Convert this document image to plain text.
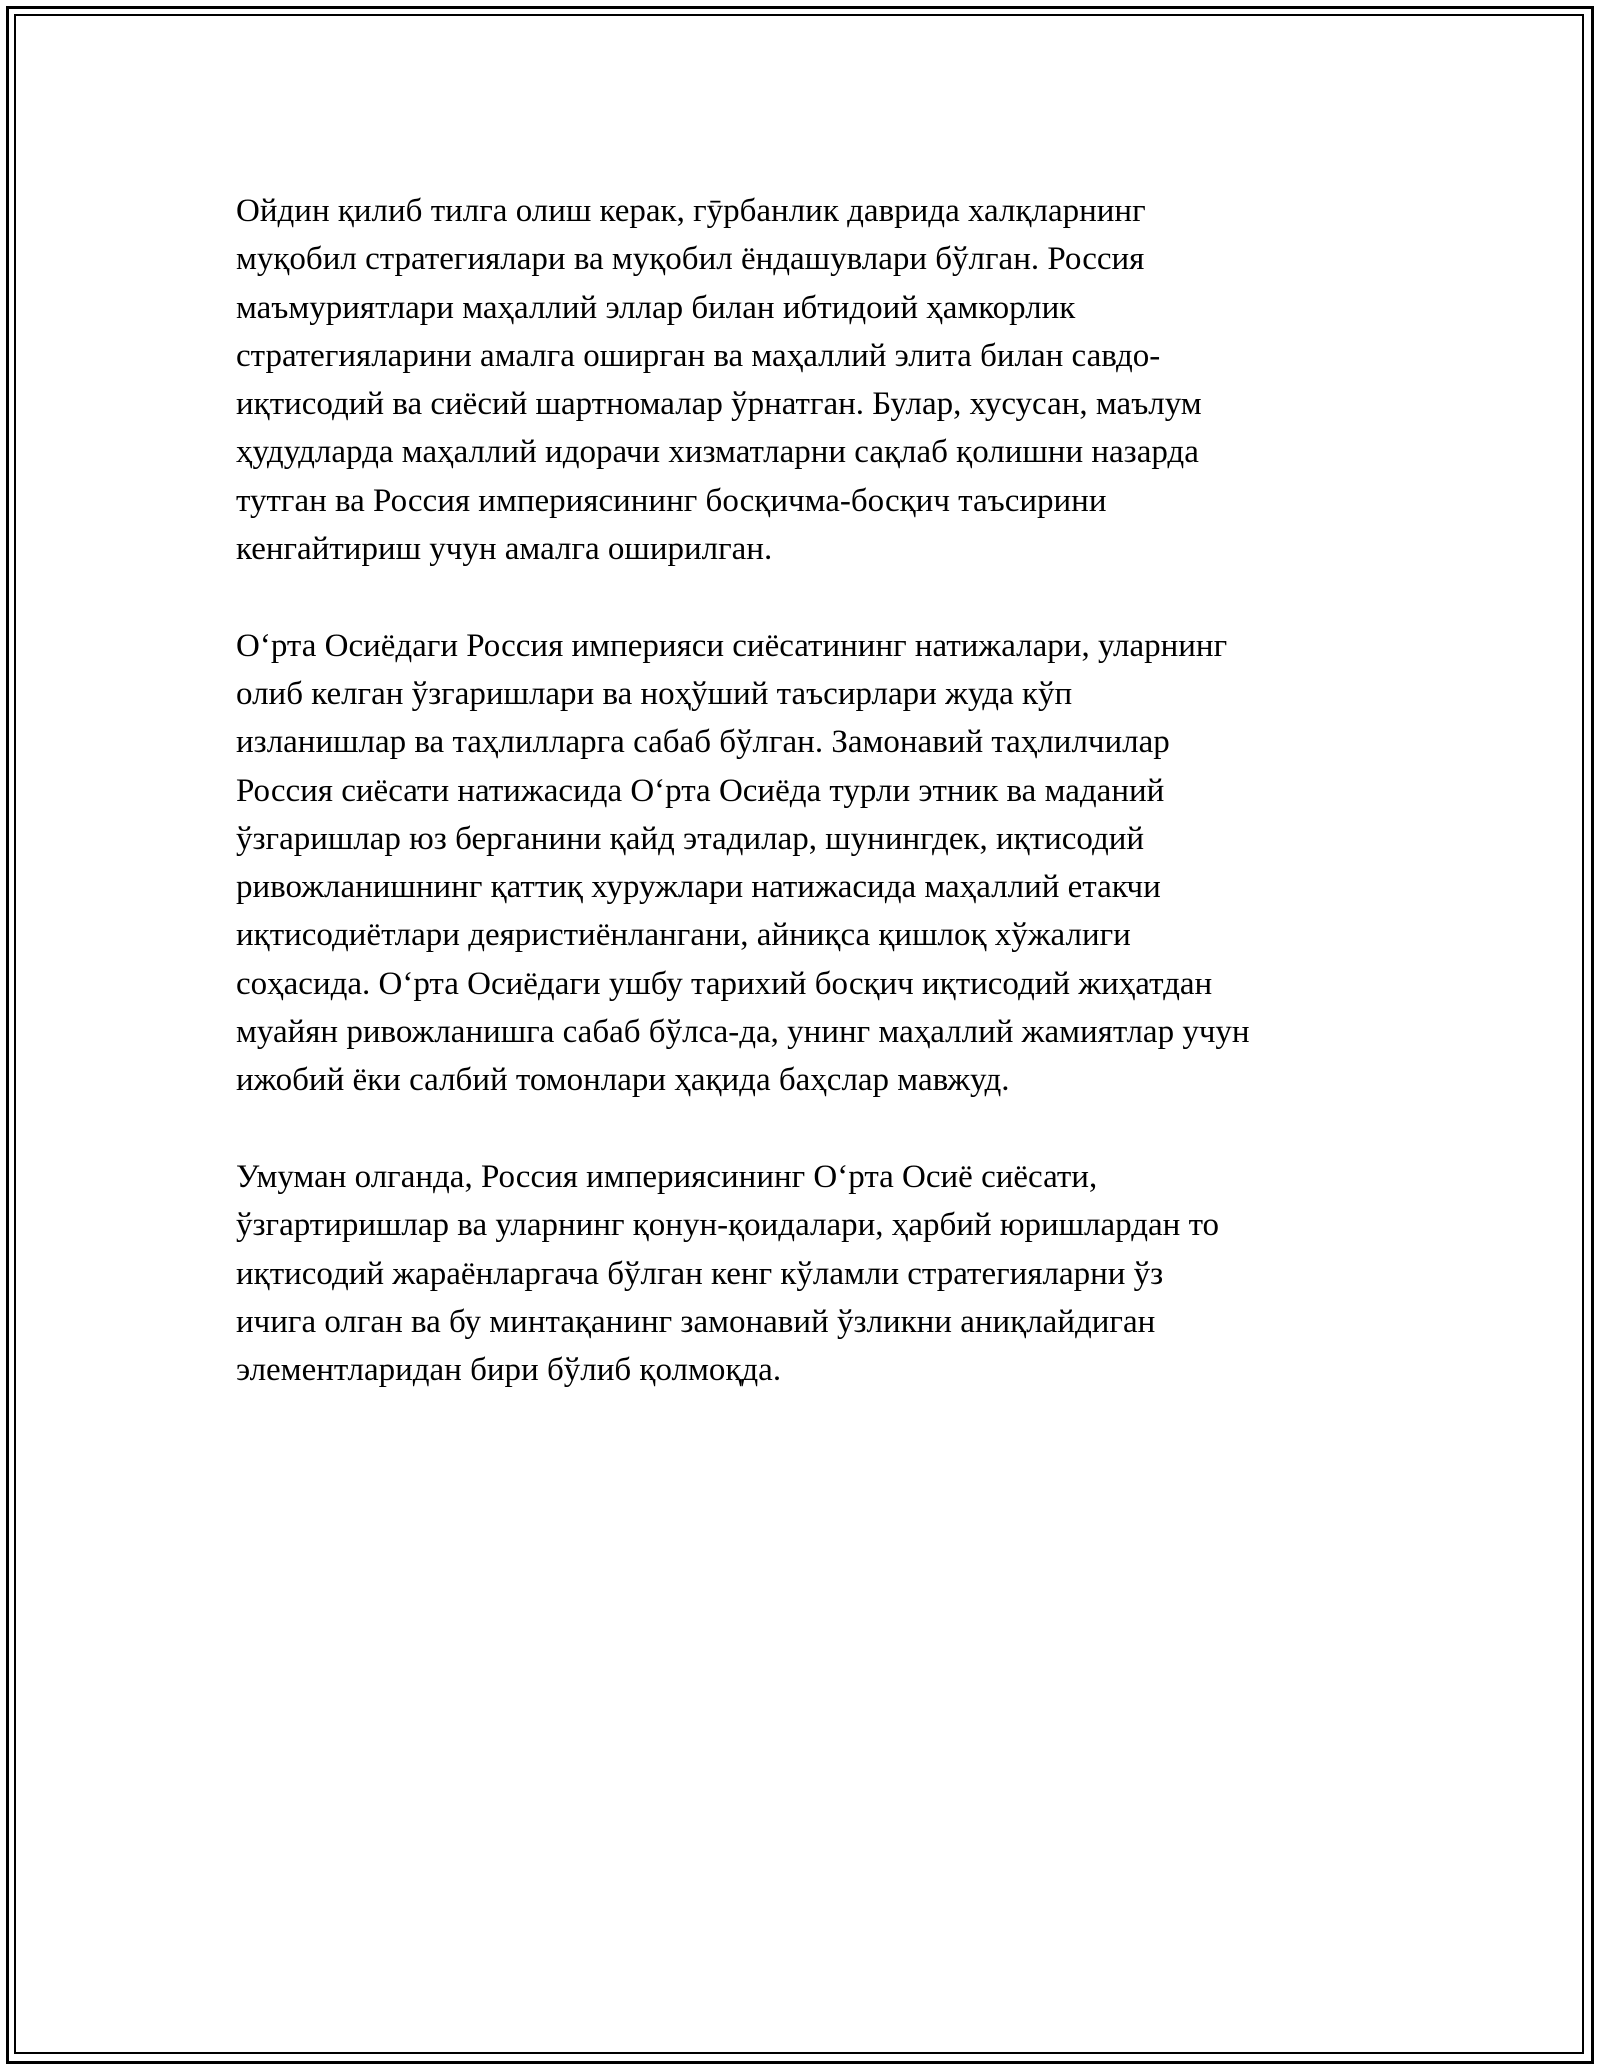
Ойдин қилиб тилга олиш керак, гӯрбанлик даврида халқларнинг
муқобил стратегиялари ва муқобил ёндашувлари бўлган. Россия
маъмуриятлари маҳаллий эллар билан ибтидоий ҳамкорлик
стратегияларини амалга оширган ва маҳаллий элита билан савдо-
иқтисодий ва сиёсий шартномалар ўрнатган. Булар, хусусан, маълум
ҳудудларда маҳаллий идорачи хизматларни сақлаб қолишни назарда
тутган ва Россия империясининг босқичма-босқич таъсирини
кенгайтириш учун амалга оширилган.

Оʻрта Осиёдаги Россия империяси сиёсатининг натижалари, уларнинг
олиб келган ўзгаришлари ва ноҳўший таъсирлари жуда кўп
изланишлар ва таҳлилларга сабаб бўлган. Замонавий таҳлилчилар
Россия сиёсати натижасида Оʻрта Осиёда турли этник ва маданий
ўзгаришлар юз берганини қайд этадилар, шунингдек, иқтисодий
ривожланишнинг қаттиқ хуружлари натижасида маҳаллий етакчи
иқтисодиётлари деяристиёнлангани, айниқса қишлоқ хўжалиги
соҳасида. Оʻрта Осиёдаги ушбу тарихий босқич иқтисодий жиҳатдан
муайян ривожланишга сабаб бўлса-да, унинг маҳаллий жамиятлар учун
ижобий ёки салбий томонлари ҳақида баҳслар мавжуд.

Умуман олганда, Россия империясининг Оʻрта Осиё сиёсати,
ўзгартиришлар ва уларнинг қонун-қоидалари, ҳарбий юришлардан то
иқтисодий жараёнларгача бўлган кенг кўламли стратегияларни ўз
ичига олган ва бу минтақанинг замонавий ўзликни аниқлайдиган
элементларидан бири бўлиб қолмоқда.
